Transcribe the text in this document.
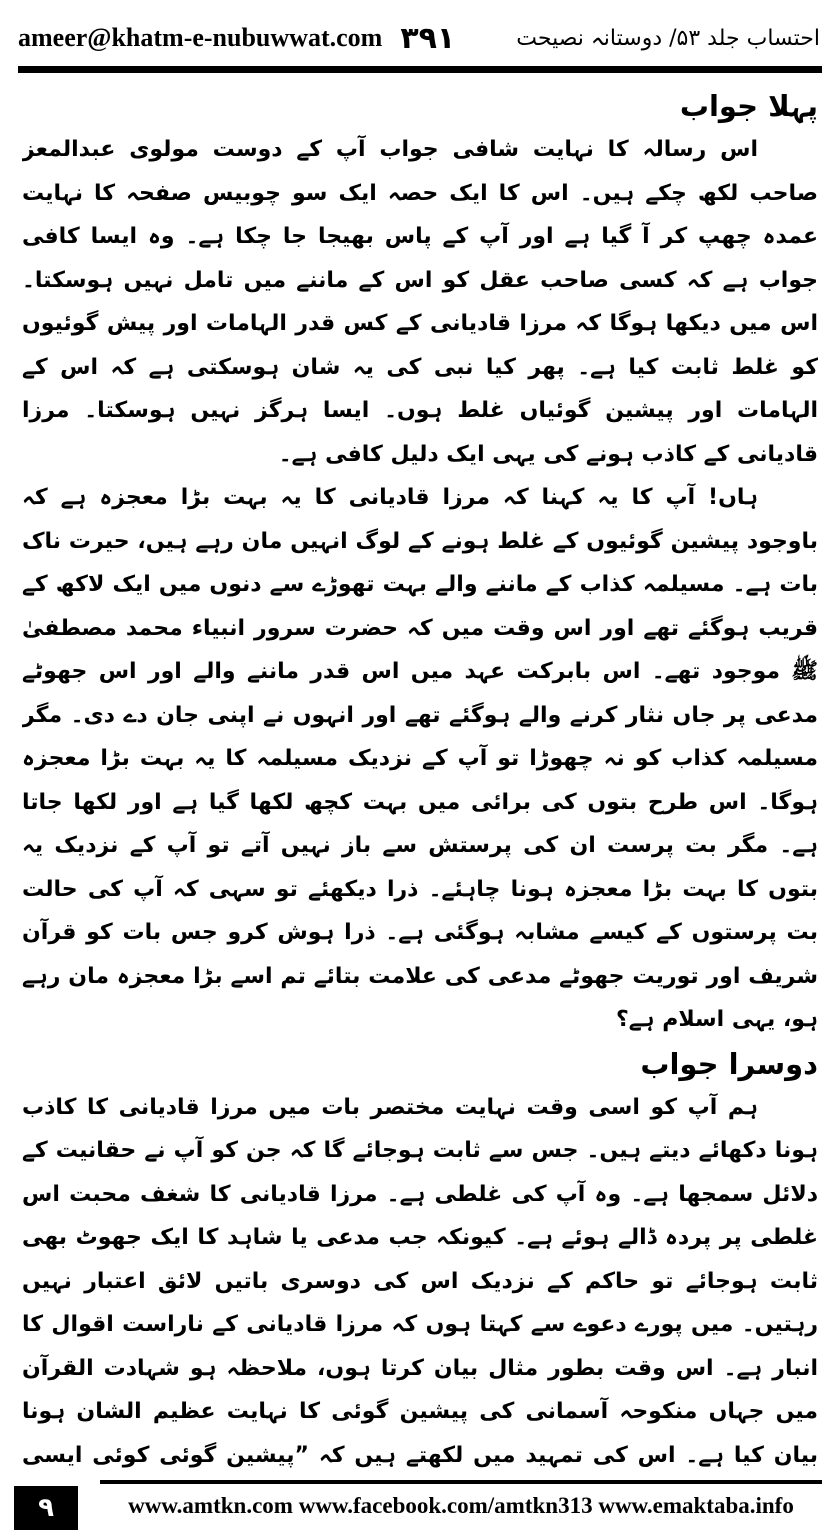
ameer@khatm-e-nubuwwat.com ۳۹۱	احتساب جلد ۵۳/ دوستانہ نصیحت
پہلا جواب

اس رسالہ کا نہایت شافی جواب آپ کے دوست مولوی عبدالمعز صاحب لکھ چکے ہیں۔ اس کا ایک حصہ ایک سو چوبیس صفحہ کا نہایت عمدہ چھپ کر آ گیا ہے اور آپ کے پاس بھیجا جا چکا ہے۔ وہ ایسا کافی جواب ہے کہ کسی صاحب عقل کو اس کے ماننے میں تامل نہیں ہوسکتا۔ اس میں دیکھا ہوگا کہ مرزا قادیانی کے کس قدر الہامات اور پیش گوئیوں کو غلط ثابت کیا ہے۔ پھر کیا نبی کی یہ شان ہوسکتی ہے کہ اس کے الہامات اور پیشین گوئیاں غلط ہوں۔ ایسا ہرگز نہیں ہوسکتا۔ مرزا قادیانی کے کاذب ہونے کی یہی ایک دلیل کافی ہے۔

ہاں! آپ کا یہ کہنا کہ مرزا قادیانی کا یہ بہت بڑا معجزہ ہے کہ باوجود پیشین گوئیوں کے غلط ہونے کے لوگ انہیں مان رہے ہیں، حیرت ناک بات ہے۔ مسیلمہ کذاب کے ماننے والے بہت تھوڑے سے دنوں میں ایک لاکھ کے قریب ہوگئے تھے اور اس وقت میں کہ حضرت سرور انبیاء محمد مصطفیٰ ﷺ موجود تھے۔ اس بابرکت عہد میں اس قدر ماننے والے اور اس جھوٹے مدعی پر جاں نثار کرنے والے ہوگئے تھے اور انہوں نے اپنی جان دے دی۔ مگر مسیلمہ کذاب کو نہ چھوڑا تو آپ کے نزدیک مسیلمہ کا یہ بہت بڑا معجزہ ہوگا۔ اس طرح بتوں کی برائی میں بہت کچھ لکھا گیا ہے اور لکھا جاتا ہے۔ مگر بت پرست ان کی پرستش سے باز نہیں آتے تو آپ کے نزدیک یہ بتوں کا بہت بڑا معجزہ ہونا چاہئے۔ ذرا دیکھئے تو سہی کہ آپ کی حالت بت پرستوں کے کیسے مشابہ ہوگئی ہے۔ ذرا ہوش کرو جس بات کو قرآن شریف اور توریت جھوٹے مدعی کی علامت بتائے تم اسے بڑا معجزہ مان رہے ہو، یہی اسلام ہے؟

دوسرا جواب

ہم آپ کو اسی وقت نہایت مختصر بات میں مرزا قادیانی کا کاذب ہونا دکھائے دیتے ہیں۔ جس سے ثابت ہوجائے گا کہ جن کو آپ نے حقانیت کے دلائل سمجھا ہے۔ وہ آپ کی غلطی ہے۔ مرزا قادیانی کا شغف محبت اس غلطی پر پردہ ڈالے ہوئے ہے۔ کیونکہ جب مدعی یا شاہد کا ایک جھوٹ بھی ثابت ہوجائے تو حاکم کے نزدیک اس کی دوسری باتیں لائق اعتبار نہیں رہتیں۔ میں پورے دعوے سے کہتا ہوں کہ مرزا قادیانی کے ناراست اقوال کا انبار ہے۔ اس وقت بطور مثال بیان کرتا ہوں، ملاحظہ ہو شہادت القرآن میں جہاں منکوحہ آسمانی کی پیشین گوئی کا نہایت عظیم الشان ہونا بیان کیا ہے۔ اس کی تمہید میں لکھتے ہیں کہ ”پیشین گوئی کوئی ایسی

۹	www.amtkn.com www.facebook.com/amtkn313 www.emaktaba.info
